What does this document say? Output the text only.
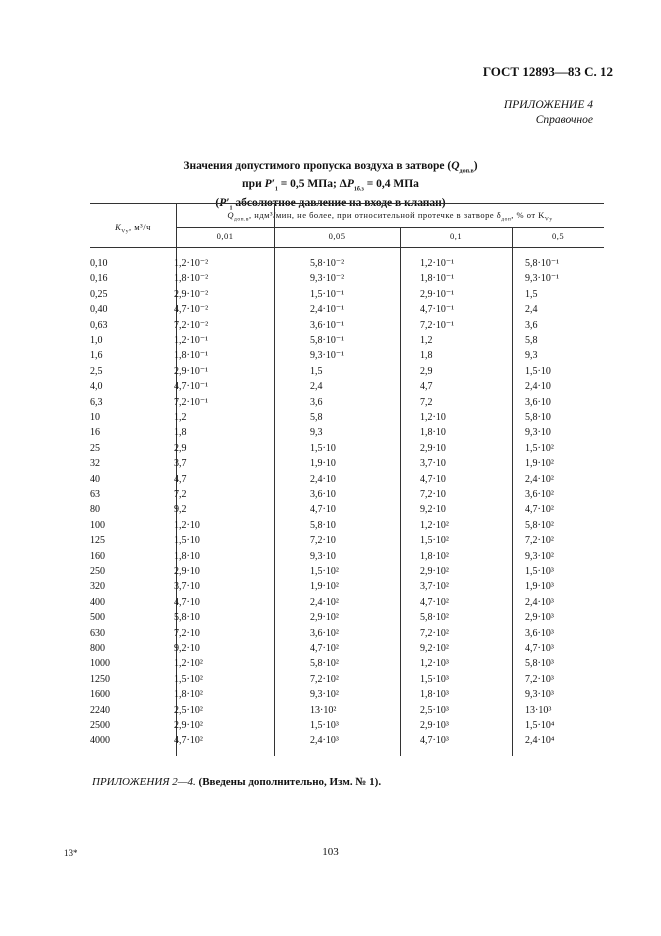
ГОСТ 12893—83 С. 12
ПРИЛОЖЕНИЕ 4
Справочное
Значения допустимого пропуска воздуха в затворе $(Q_{доп.в})$
при $P'_1 = 0,5$ МПа; $\Delta P_{1б.з} = 0,4$ МПа
($P'_1$ абсолютное давление на входе в клапан)
$K_{Vу}$, м³/ч
$Q_{доп.в}$, ндм³/мин, не более, при относительной протечке в затворе $\delta_{доп}$, % от $K_{Vу}$
0,01	0,05	0,1	0,5
0,10	1,2·10⁻²	5,8·10⁻²	1,2·10⁻¹	5,8·10⁻¹
0,16	1,8·10⁻²	9,3·10⁻²	1,8·10⁻¹	9,3·10⁻¹
0,25	2,9·10⁻²	1,5·10⁻¹	2,9·10⁻¹	1,5
0,40	4,7·10⁻²	2,4·10⁻¹	4,7·10⁻¹	2,4
0,63	7,2·10⁻²	3,6·10⁻¹	7,2·10⁻¹	3,6
1,0	1,2·10⁻¹	5,8·10⁻¹	1,2	5,8
1,6	1,8·10⁻¹	9,3·10⁻¹	1,8	9,3
2,5	2,9·10⁻¹	1,5	2,9	1,5·10
4,0	4,7·10⁻¹	2,4	4,7	2,4·10
6,3	7,2·10⁻¹	3,6	7,2	3,6·10
10	1,2	5,8	1,2·10	5,8·10
16	1,8	9,3	1,8·10	9,3·10
25	2,9	1,5·10	2,9·10	1,5·10²
32	3,7	1,9·10	3,7·10	1,9·10²
40	4,7	2,4·10	4,7·10	2,4·10²
63	7,2	3,6·10	7,2·10	3,6·10²
80	9,2	4,7·10	9,2·10	4,7·10²
100	1,2·10	5,8·10	1,2·10²	5,8·10²
125	1,5·10	7,2·10	1,5·10²	7,2·10²
160	1,8·10	9,3·10	1,8·10²	9,3·10²
250	2,9·10	1,5·10²	2,9·10²	1,5·10³
320	3,7·10	1,9·10²	3,7·10²	1,9·10³
400	4,7·10	2,4·10²	4,7·10²	2,4·10³
500	5,8·10	2,9·10²	5,8·10²	2,9·10³
630	7,2·10	3,6·10²	7,2·10²	3,6·10³
800	9,2·10	4,7·10²	9,2·10²	4,7·10³
1000	1,2·10²	5,8·10²	1,2·10³	5,8·10³
1250	1,5·10²	7,2·10²	1,5·10³	7,2·10³
1600	1,8·10²	9,3·10²	1,8·10³	9,3·10³
2240	2,5·10²	13·10²	2,5·10³	13·10³
2500	2,9·10²	1,5·10³	2,9·10³	1,5·10⁴
4000	4,7·10²	2,4·10³	4,7·10³	2,4·10⁴
ПРИЛОЖЕНИЯ 2—4. (Введены дополнительно, Изм. № 1).
13*	103
